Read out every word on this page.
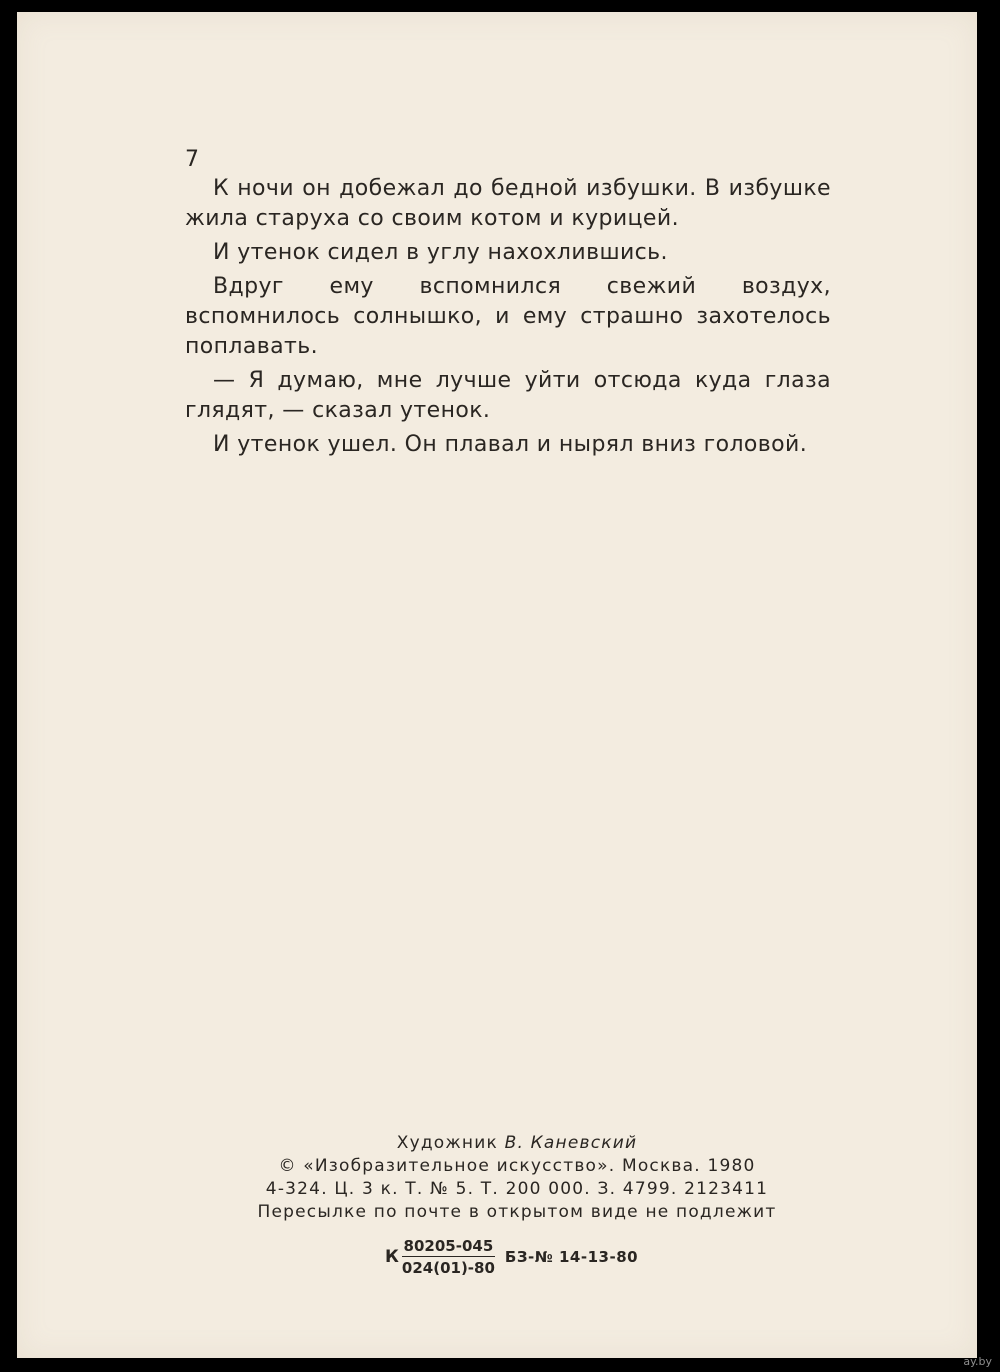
7

К ночи он добежал до бедной избушки. В избушке жила старуха со своим котом и курицей.

И утенок сидел в углу нахохлившись.

Вдруг ему вспомнился свежий воздух, вспомнилось солнышко, и ему страшно захотелось поплавать.

— Я думаю, мне лучше уйти отсюда куда глаза глядят, — сказал утенок.

И утенок ушел. Он плавал и нырял вниз головой.

Художник В. Каневский
© «Изобразительное искусство». Москва. 1980
4-324. Ц. 3 к. Т. № 5. Т. 200 000. З. 4799. 2123411
Пересылке по почте в открытом виде не подлежит
К $\frac{80205-045}{024(01)-80}$ БЗ-№ 14-13-80
ay.by
